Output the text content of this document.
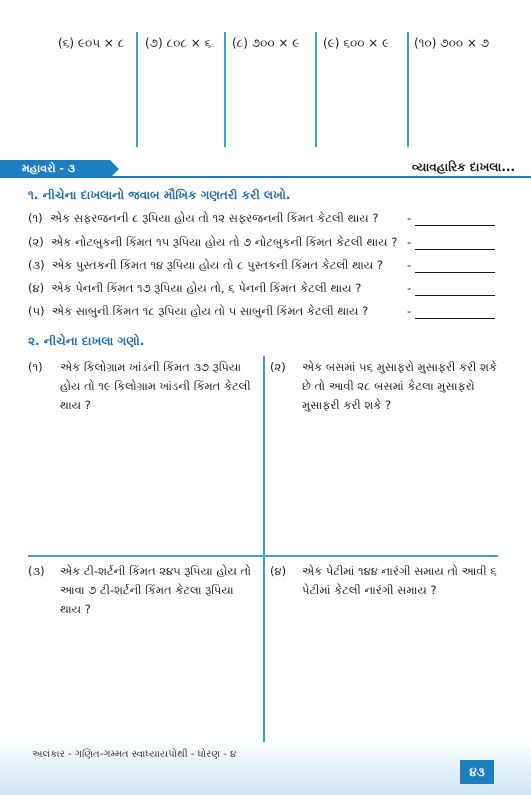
(૬) ૯૦૫ × ૮ (૭) ૮૦૮ × ૬ (૮) ૭૦૦ × ૯ (૯) ૬૦૦ × ૯ (૧૦) ૭૦૦ × ૭
મહાવરો - ૩	વ્યાવહારિક દાખલા...
૧. નીચેના દાખલાનો જવાબ મૌખિક ગણતરી કરી લખો.
(૧) એક સફરજનની ૮ રૂપિયા હોય તો ૧૨ સફરજનની કિંમત કેટલી થાય ? -
(૨) એક નોટબુકની કિંમત ૧૫ રૂપિયા હોય તો ૭ નોટબુકની કિંમત કેટલી થાય ? -
(૩) એક પુસ્તકની કિંમત ૧૪ રૂપિયા હોય તો ૮ પુસ્તકની કિંમત કેટલી થાય ? -
(૪) એક પેનની કિંમત ૧૭ રૂપિયા હોય તો, ૬ પેનની કિંમત કેટલી થાય ?	-
(૫) એક સાબુની કિંમત ૧૮ રૂપિયા હોય તો ૫ સાબુની કિંમત કેટલી થાય ?	-
૨. નીચેના દાખલા ગણો.
(૧) એક કિલોગ્રામ ખાંડની કિંમત ૩૭ રૂપિયા હોય તો ૧૯ કિલોગ્રામ ખાંડની કિંમત કેટલી થાય ?
(૨) એક બસમાં ૫૬ મુસાફરો મુસાફરી કરી શકે છે તો આવી ૨૮ બસમાં કેટલા મુસાફરો મુસાફરી કરી શકે ?
(૩) એક ટી-શર્ટની કિંમત ૨૪૫ રૂપિયા હોય તો આવા ૭ ટી-શર્ટની કિંમત કેટલા રૂપિયા થાય ?
(૪) એક પેટીમાં ૧૪૪ નારંગી સમાય તો આવી ૬ પેટીમાં કેટલી નારંગી સમાય ?
અલંકાર - ગણિત-ગમ્મત સ્વાધ્યાયપોથી - ધોરણ - ૪
૪૩
